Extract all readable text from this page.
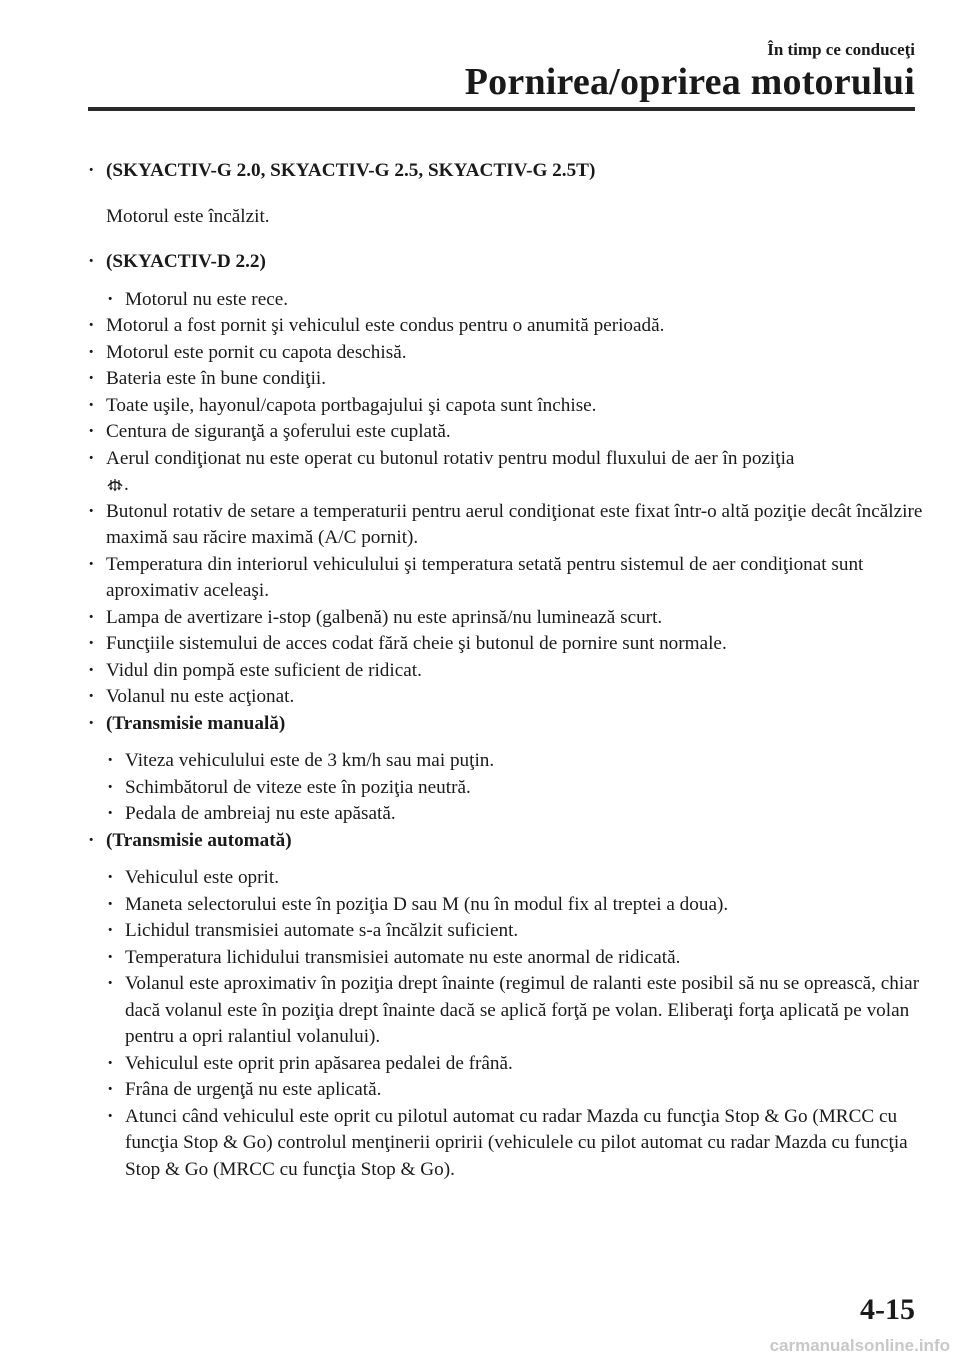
În timp ce conduceţi
Pornirea/oprirea motorului

· (SKYACTIV-G 2.0, SKYACTIV-G 2.5, SKYACTIV-G 2.5T)

Motorul este încălzit.

· (SKYACTIV-D 2.2)

· Motorul nu este rece.

· Motorul a fost pornit şi vehiculul este condus pentru o anumită perioadă.

· Motorul este pornit cu capota deschisă.

· Bateria este în bune condiţii.

· Toate uşile, hayonul/capota portbagajului şi capota sunt închise.

· Centura de siguranţă a şoferului este cuplată.

· Aerul condiţionat nu este operat cu butonul rotativ pentru modul fluxului de aer în poziţia
.

· Butonul rotativ de setare a temperaturii pentru aerul condiţionat este fixat într-o altă poziţie decât încălzire maximă sau răcire maximă (A/C pornit).

· Temperatura din interiorul vehiculului şi temperatura setată pentru sistemul de aer condiţionat sunt aproximativ aceleaşi.

· Lampa de avertizare i-stop (galbenă) nu este aprinsă/nu luminează scurt.

· Funcţiile sistemului de acces codat fără cheie şi butonul de pornire sunt normale.

· Vidul din pompă este suficient de ridicat.

· Volanul nu este acţionat.

· (Transmisie manuală)

· Viteza vehiculului este de 3 km/h sau mai puţin.

· Schimbătorul de viteze este în poziţia neutră.

· Pedala de ambreiaj nu este apăsată.

· (Transmisie automată)

· Vehiculul este oprit.

· Maneta selectorului este în poziţia D sau M (nu în modul fix al treptei a doua).

· Lichidul transmisiei automate s-a încălzit suficient.

· Temperatura lichidului transmisiei automate nu este anormal de ridicată.

· Volanul este aproximativ în poziţia drept înainte (regimul de ralanti este posibil să nu se oprească, chiar dacă volanul este în poziţia drept înainte dacă se aplică forţă pe volan. Eliberaţi forţa aplicată pe volan pentru a opri ralantiul volanului).

· Vehiculul este oprit prin apăsarea pedalei de frână.

· Frâna de urgenţă nu este aplicată.

· Atunci când vehiculul este oprit cu pilotul automat cu radar Mazda cu funcţia Stop & Go (MRCC cu funcţia Stop & Go) controlul menţinerii opririi (vehiculele cu pilot automat cu radar Mazda cu funcţia Stop & Go (MRCC cu funcţia Stop & Go).

4-15
carmanualsonline.info
